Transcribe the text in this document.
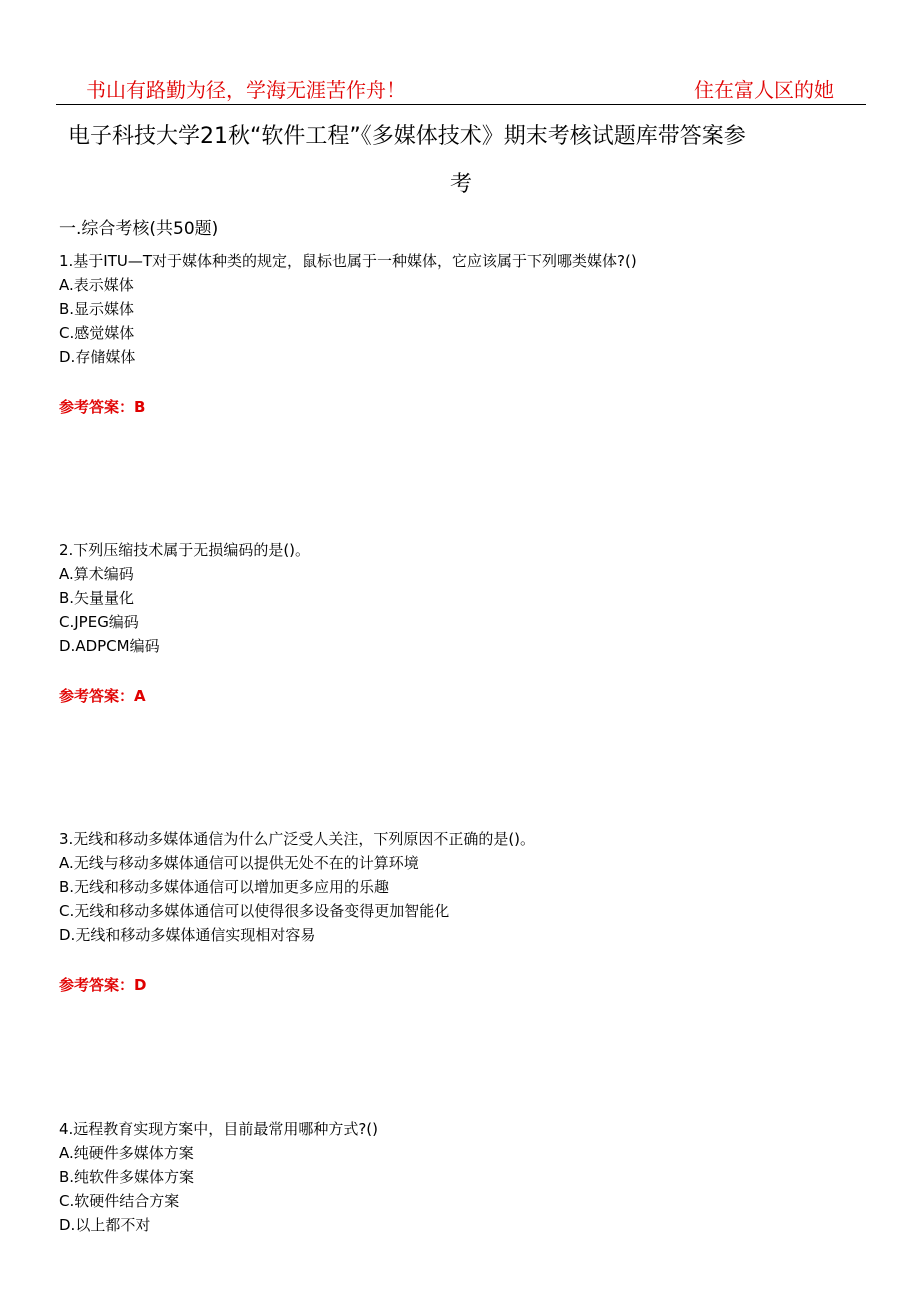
书山有路勤为径，学海无涯苦作舟！	住在富人区的她
电子科技大学21秋“软件工程”《多媒体技术》期末考核试题库带答案参
考
一.综合考核(共50题)
1.基于ITU—T对于媒体种类的规定，鼠标也属于一种媒体，它应该属于下列哪类媒体?()
A.表示媒体
B.显示媒体
C.感觉媒体
D.存储媒体
参考答案：B
2.下列压缩技术属于无损编码的是()。
A.算术编码
B.矢量量化
C.JPEG编码
D.ADPCM编码
参考答案：A
3.无线和移动多媒体通信为什么广泛受人关注，下列原因不正确的是()。
A.无线与移动多媒体通信可以提供无处不在的计算环境
B.无线和移动多媒体通信可以增加更多应用的乐趣
C.无线和移动多媒体通信可以使得很多设备变得更加智能化
D.无线和移动多媒体通信实现相对容易
参考答案：D
4.远程教育实现方案中，目前最常用哪种方式?()
A.纯硬件多媒体方案
B.纯软件多媒体方案
C.软硬件结合方案
D.以上都不对
